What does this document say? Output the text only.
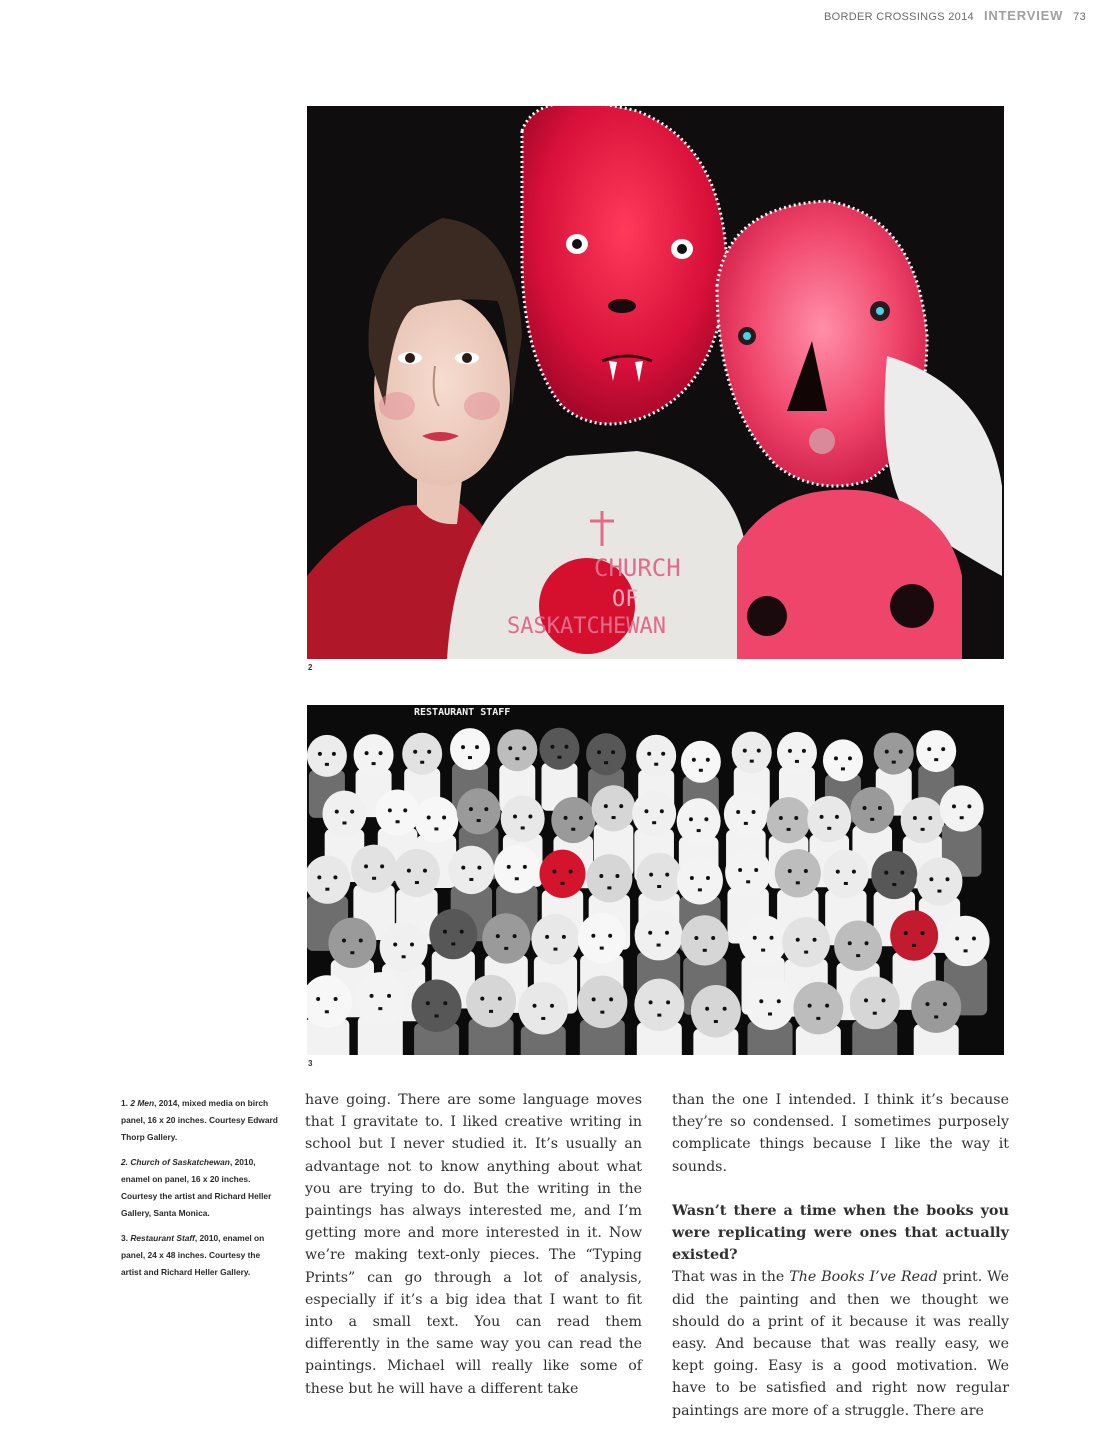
BORDER CROSSINGS 2014 INTERVIEW 73
CHURCH
OF
SASKATCHEWAN
2
RESTAURANT STAFF
3

1. 2 Men, 2014, mixed media on birch panel, 16 x 20 inches. Courtesy Edward Thorp Gallery.

2. Church of Saskatchewan, 2010, enamel on panel, 16 x 20 inches. Courtesy the artist and Richard Heller Gallery, Santa Monica.

3. Restaurant Staff, 2010, enamel on panel, 24 x 48 inches. Courtesy the artist and Richard Heller Gallery.

have going. There are some language moves that I gravitate to. I liked creative writing in school but I never studied it. It’s usually an advantage not to know anything about what you are trying to do. But the writing in the paintings has always interested me, and I’m getting more and more interested in it. Now we’re making text-only pieces. The “Typing Prints” can go through a lot of analysis, especially if it’s a big idea that I want to fit into a small text. You can read them differently in the same way you can read the paintings. Michael will really like some of these but he will have a different take

than the one I intended. I think it’s because they’re so condensed. I sometimes purposely complicate things because I like the way it sounds.

Wasn’t there a time when the books you were replicating were ones that actually existed?

That was in the The Books I’ve Read print. We did the painting and then we thought we should do a print of it because it was really easy. And because that was really easy, we kept going. Easy is a good motivation. We have to be satisfied and right now regular paintings are more of a struggle. There are
